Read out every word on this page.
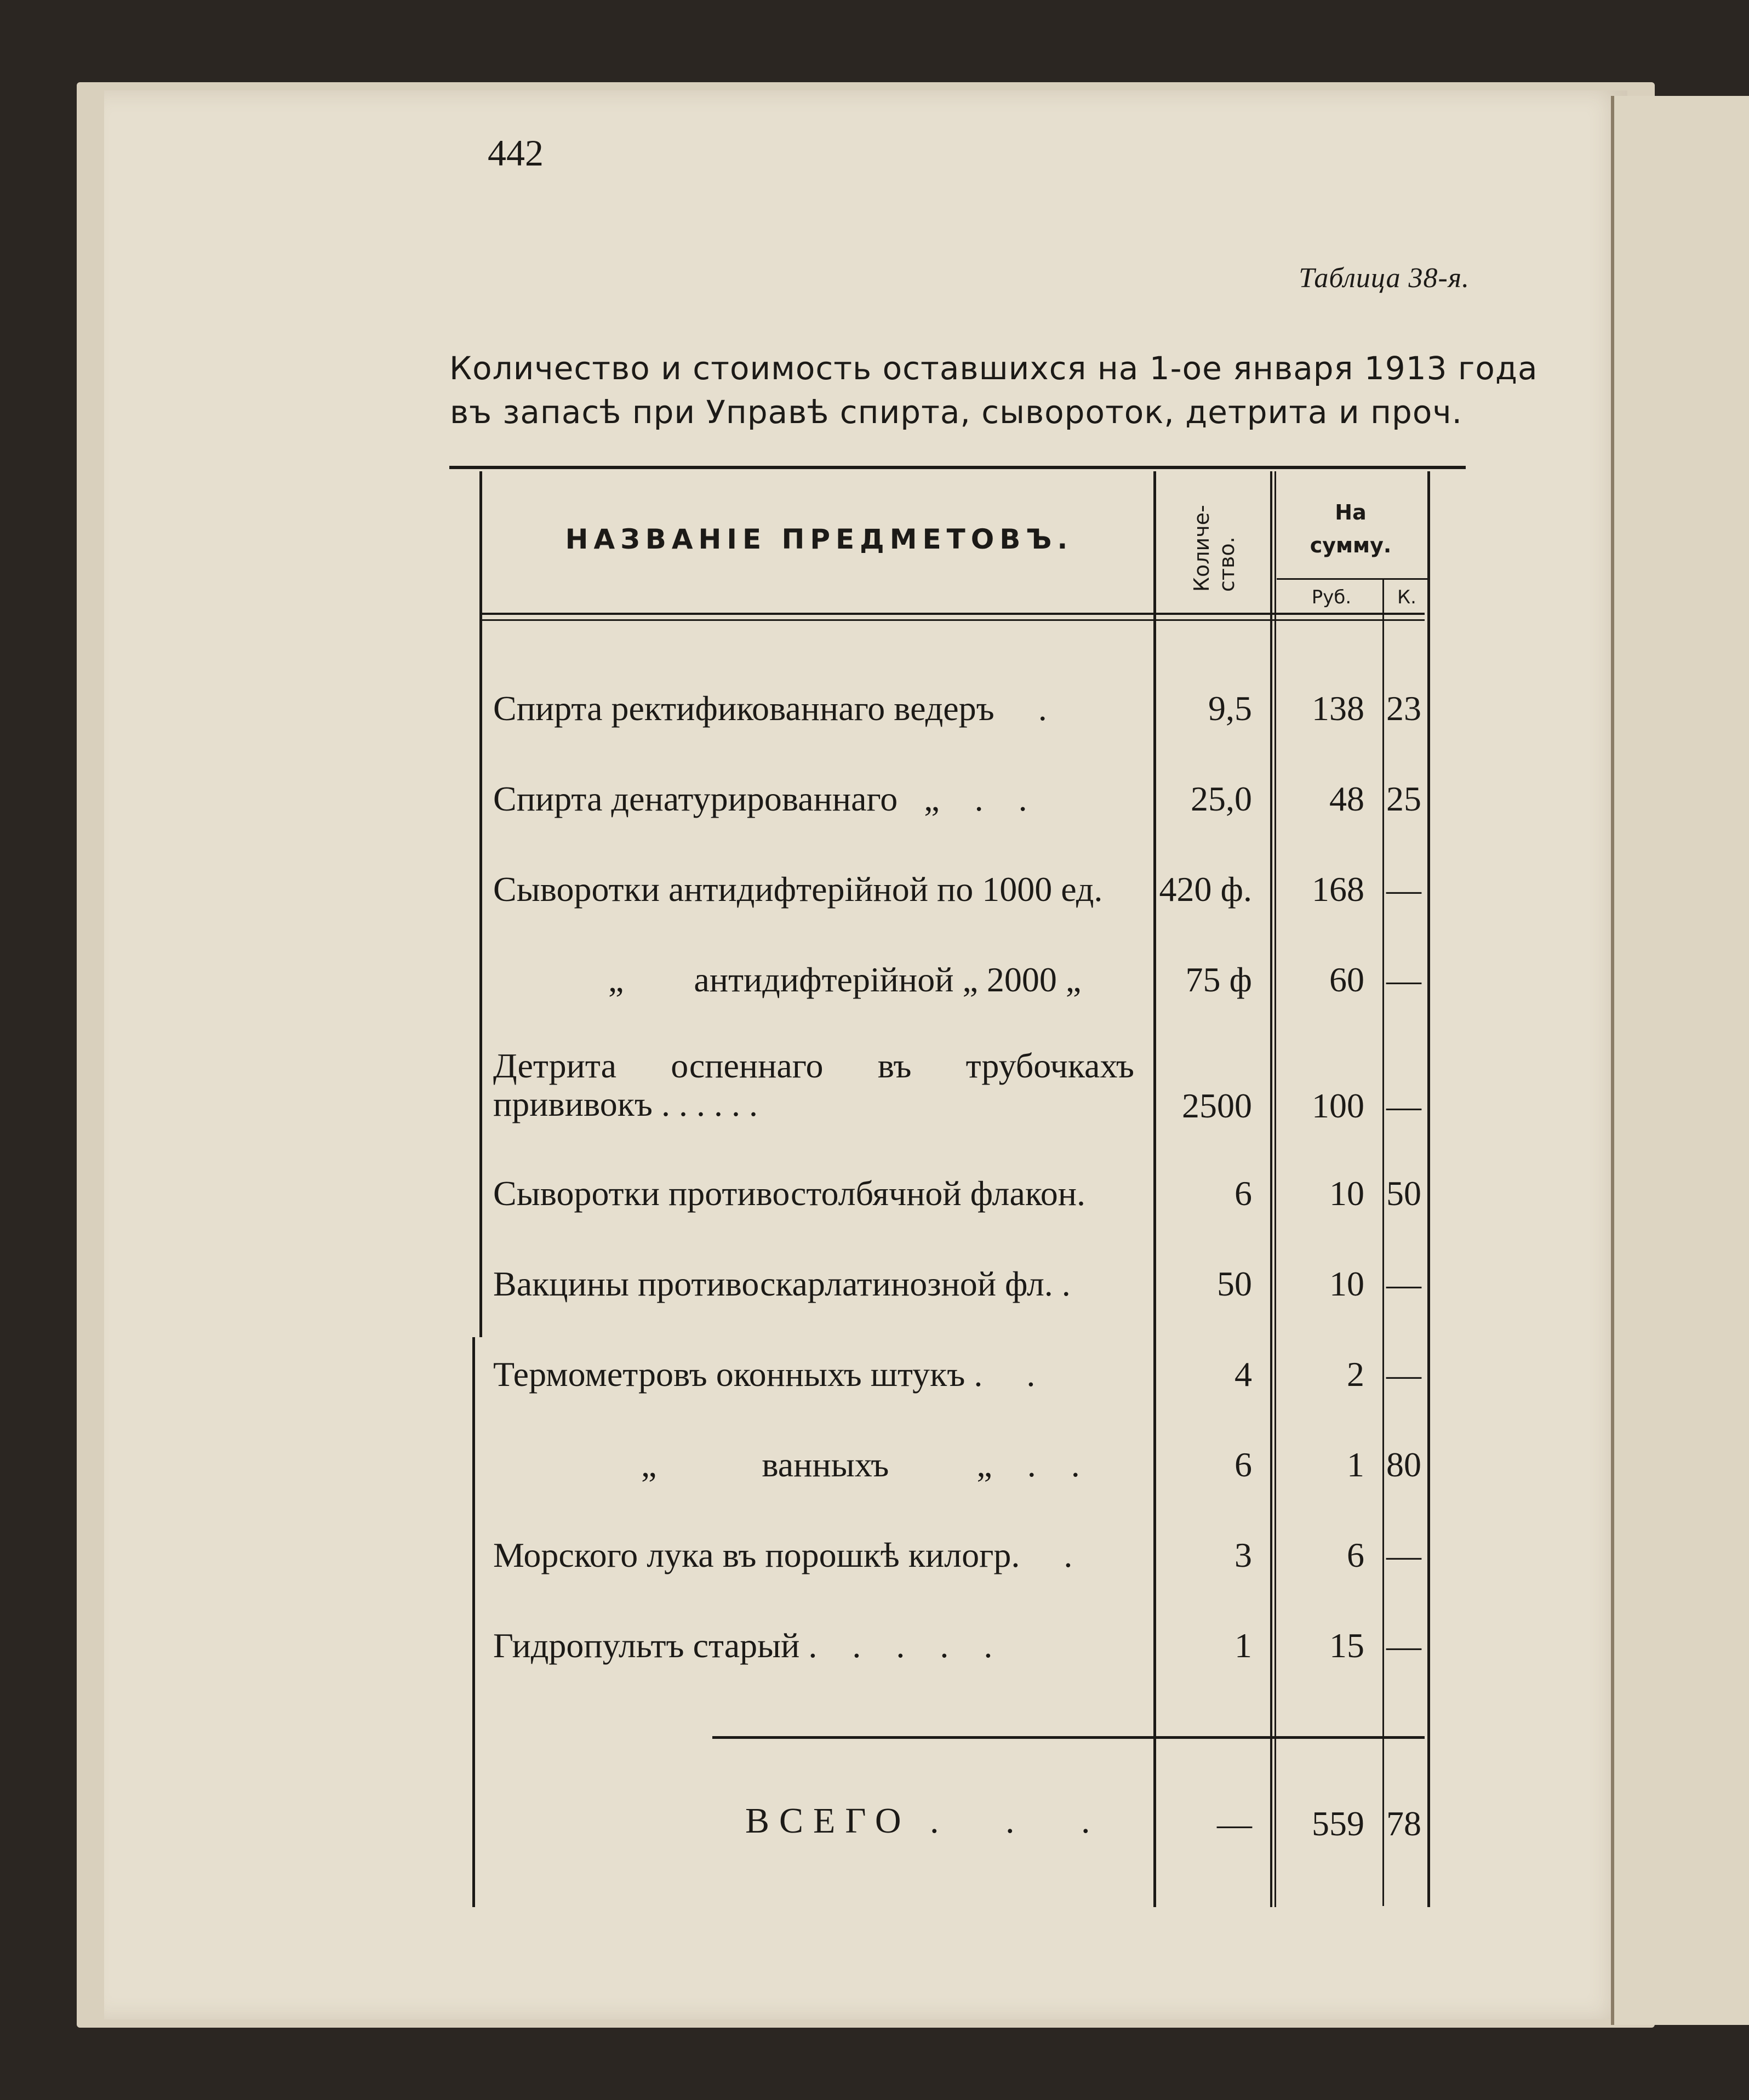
442
Таблица 38-я.
Количество и стоимость оставшихся на 1-ое января 1913 года
въ запасѣ при Управѣ спирта, сывороток, детрита и проч.
НАЗВАНІЕ ПРЕДМЕТОВЪ.	Количе-
ство.
На
сумму.
Руб.	К.
Спирта ректификованнаго ведеръ     .	9,5	138 23
Спирта денатурированнаго   „    .    .	25,0	48 25
Сыворотки антидифтерійной по 1000 ед.	420 ф.	168 —
„        антидифтерійной „ 2000 „	75 ф	60 —
Детрита оспеннаго въ трубочкахъ прививокъ . . . . . .	2500	100 —
Сыворотки противостолбячной флакон.	6	10 50
Вакцины противоскарлатинозной фл. .	50	10 —
Термометровъ оконныхъ штукъ .     .	4	2 —
„            ванныхъ          „    .    .	6	1 80
Морского лука въ порошкѣ килогр.     .	3	6 —
Гидропультъ старый .    .    .    .    .	1	15 —
ВСЕГО .   .   .	—	559 78
